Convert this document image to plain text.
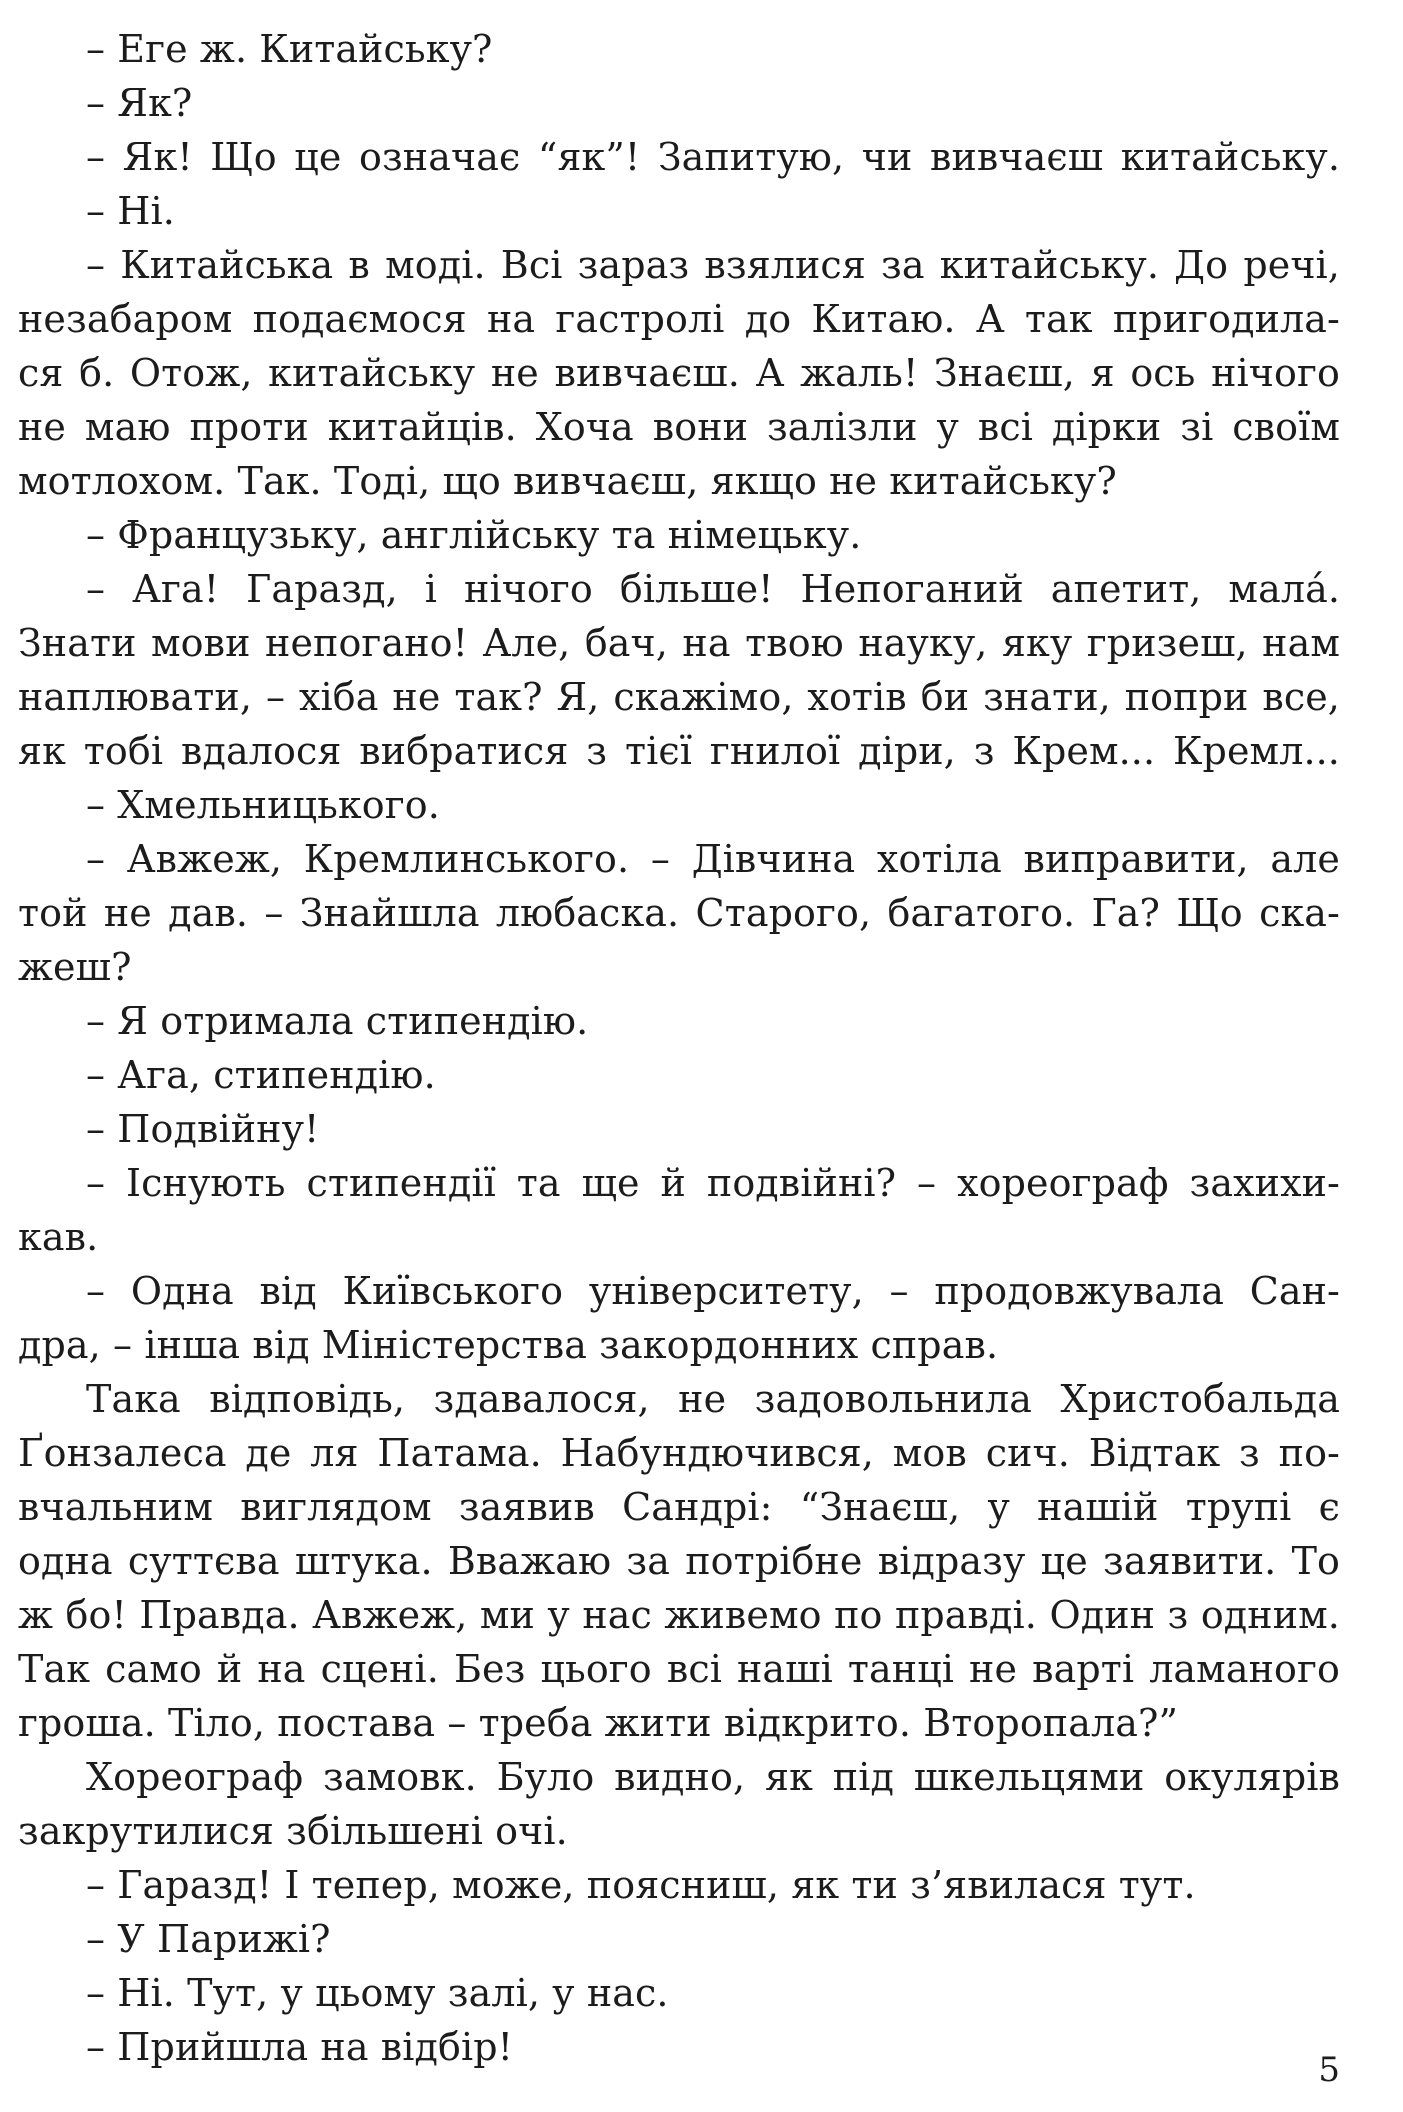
– Еге ж. Китайську?
– Як?
– Як! Що це означає “як”! Запитую, чи вивчаєш китайську.
– Ні.
– Китайська в моді. Всі зараз взялися за китайську. До речі,
незабаром подаємося на гастролі до Китаю. А так пригодила-
ся б. Отож, китайську не вивчаєш. А жаль! Знаєш, я ось нічого
не маю проти китайців. Хоча вони залізли у всі дірки зі своїм
мотлохом. Так. Тоді, що вивчаєш, якщо не китайську?
– Французьку, англійську та німецьку.
– Ага! Гаразд, і нічого більше! Непоганий апетит, малá.
Знати мови непогано! Але, бач, на твою науку, яку гризеш, нам
наплювати, – хіба не так? Я, скажімо, хотів би знати, попри все,
як тобі вдалося вибратися з тієї гнилої діри, з Крем... Кремл...
– Хмельницького.
– Авжеж, Кремлинського. – Дівчина хотіла виправити, але
той не дав. – Знайшла любаска. Старого, багатого. Га? Що ска-
жеш?
– Я отримала стипендію.
– Ага, стипендію.
– Подвійну!
– Існують стипендії та ще й подвійні? – хореограф захихи-
кав.
– Одна від Київського університету, – продовжувала Сан-
дра, – інша від Міністерства закордонних справ.
Така відповідь, здавалося, не задовольнила Христобальда
Ґонзалеса де ля Патама. Набундючився, мов сич. Відтак з по-
вчальним виглядом заявив Сандрі: “Знаєш, у нашій трупі є
одна суттєва штука. Вважаю за потрібне відразу це заявити. То
ж бо! Правда. Авжеж, ми у нас живемо по правді. Один з одним.
Так само й на сцені. Без цього всі наші танці не варті ламаного
гроша. Тіло, постава – треба жити відкрито. Второпала?”
Хореограф замовк. Було видно, як під шкельцями окулярів
закрутилися збільшені очі.
– Гаразд! І тепер, може, поясниш, як ти з’явилася тут.
– У Парижі?
– Ні. Тут, у цьому залі, у нас.
– Прийшла на відбір!
5
